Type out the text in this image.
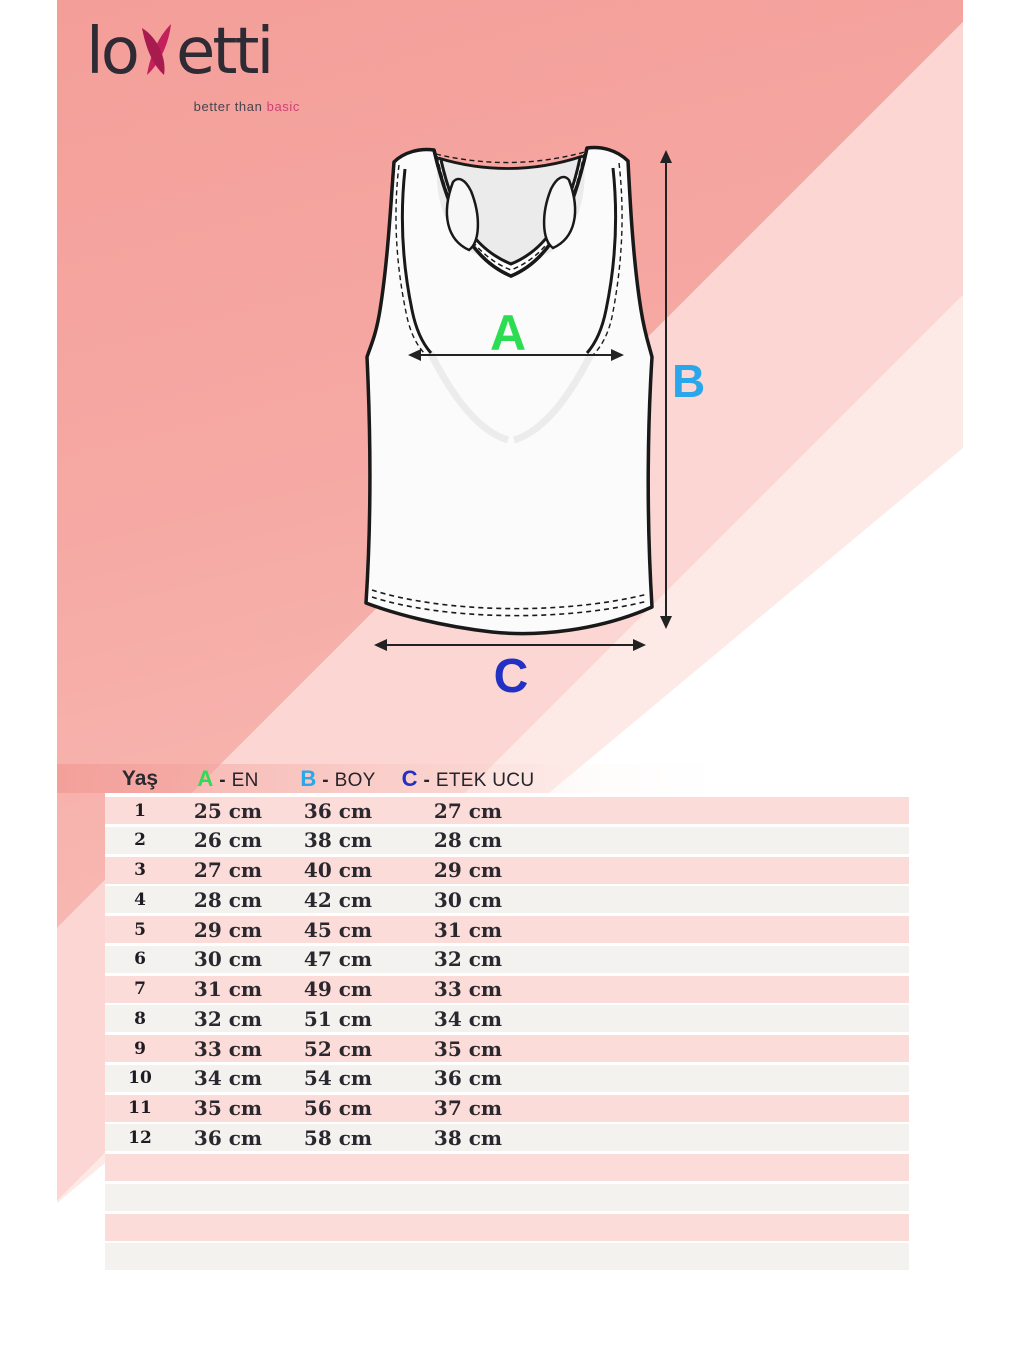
lo etti
better than basic
A
B
C
Yaş	A - EN B - BOY C - ETEK UCU
1	25 cm	36 cm	27 cm
2	26 cm	38 cm	28 cm
3	27 cm	40 cm	29 cm
4	28 cm	42 cm	30 cm
5	29 cm	45 cm	31 cm
6	30 cm	47 cm	32 cm
7	31 cm	49 cm	33 cm
8	32 cm	51 cm	34 cm
9	33 cm	52 cm	35 cm
10	34 cm	54 cm	36 cm
11	35 cm	56 cm	37 cm
12	36 cm	58 cm	38 cm
